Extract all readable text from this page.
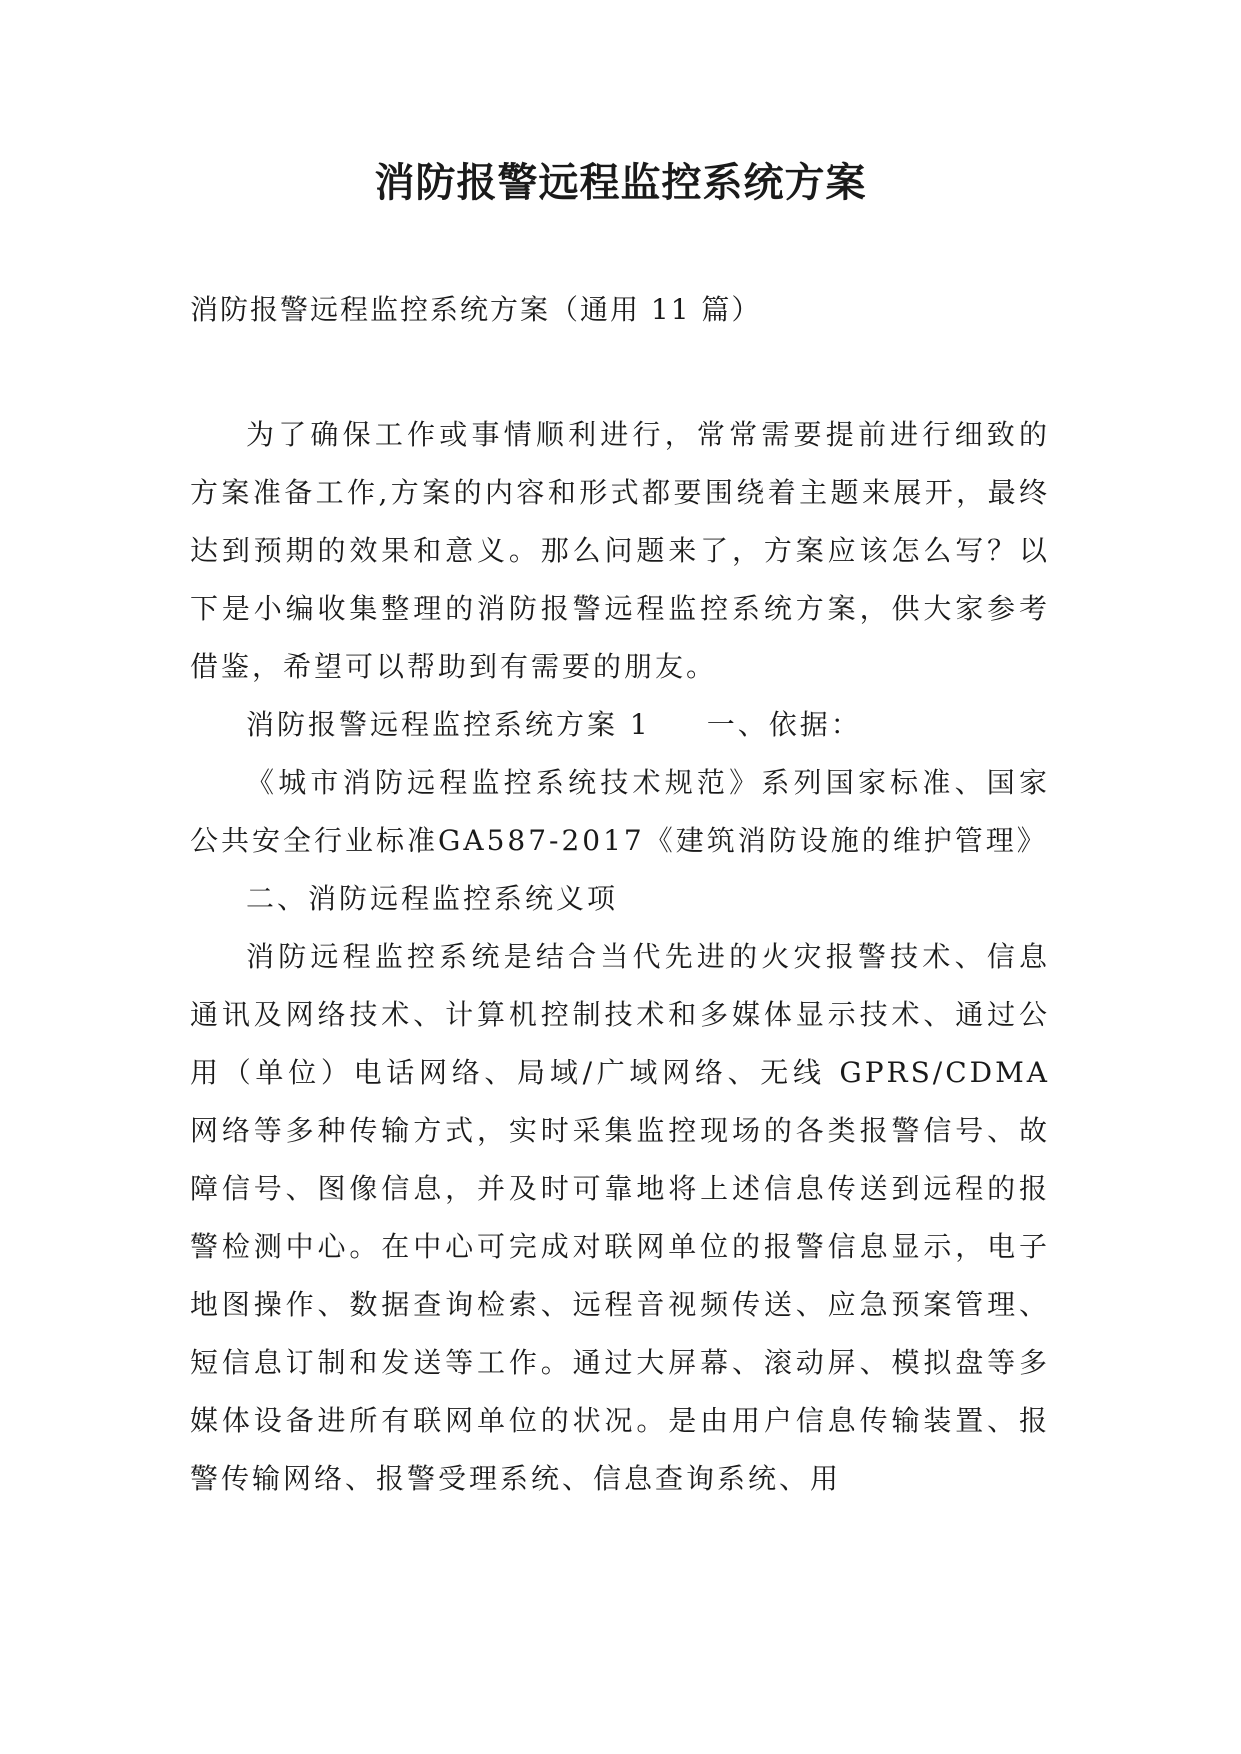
消防报警远程监控系统方案
消防报警远程监控系统方案（通用 11 篇）

为了确保工作或事情顺利进行，常常需要提前进行细致的方案准备工作,方案的内容和形式都要围绕着主题来展开，最终达到预期的效果和意义。那么问题来了，方案应该怎么写？以下是小编收集整理的消防报警远程监控系统方案，供大家参考借鉴，希望可以帮助到有需要的朋友。

消防报警远程监控系统方案 1 一、依据：

《城市消防远程监控系统技术规范》系列国家标准、国家公共安全行业标准GA587-2017《建筑消防设施的维护管理》

二、消防远程监控系统义项

消防远程监控系统是结合当代先进的火灾报警技术、信息通讯及网络技术、计算机控制技术和多媒体显示技术、通过公用（单位）电话网络、局域/广域网络、无线 GPRS/CDMA 网络等多种传输方式，实时采集监控现场的各类报警信号、故障信号、图像信息，并及时可靠地将上述信息传送到远程的报警检测中心。在中心可完成对联网单位的报警信息显示，电子地图操作、数据查询检索、远程音视频传送、应急预案管理、短信息订制和发送等工作。通过大屏幕、滚动屏、模拟盘等多媒体设备进所有联网单位的状况。是由用户信息传输装置、报警传输网络、报警受理系统、信息查询系统、用
